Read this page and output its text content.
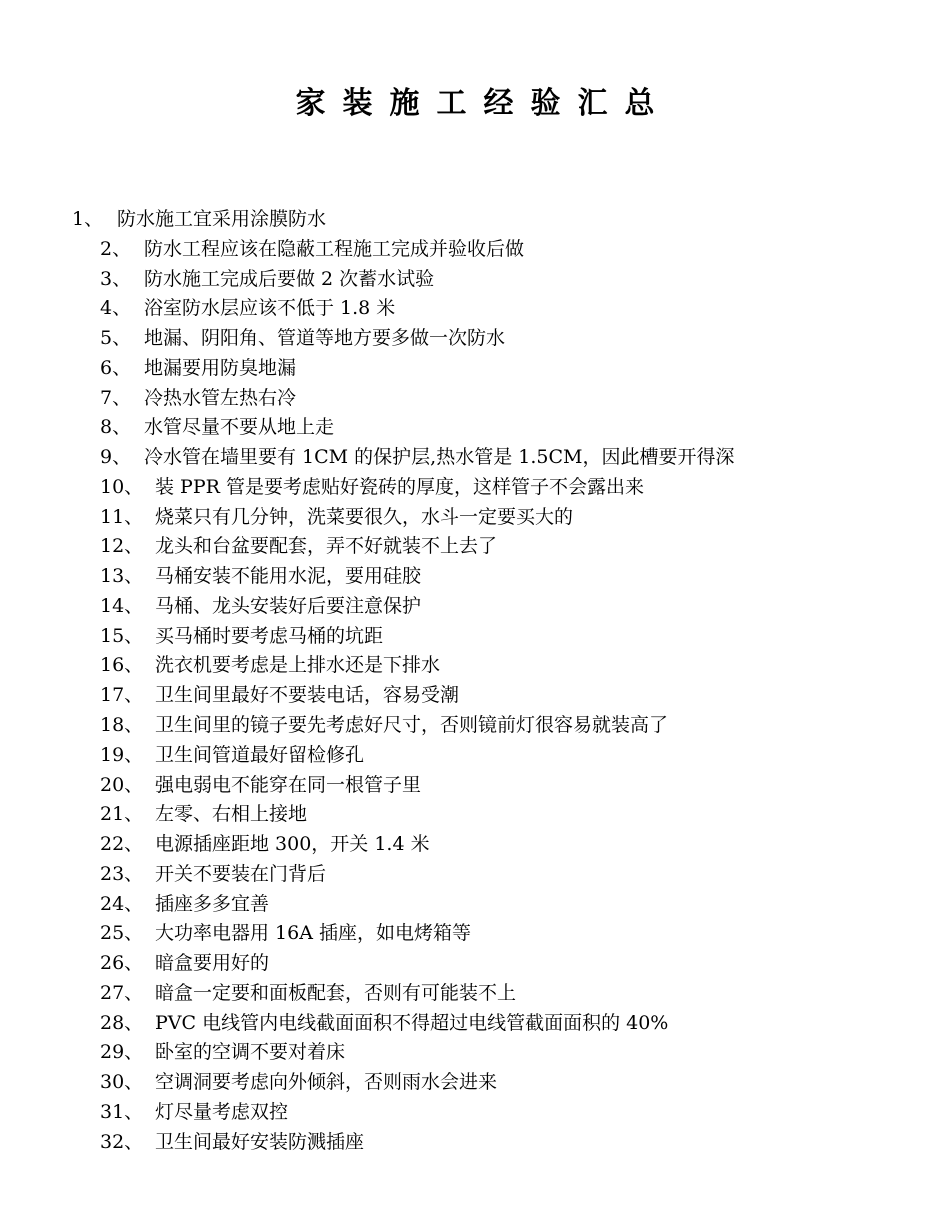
家装施工经验汇总
1、 防水施工宜采用涂膜防水
2、 防水工程应该在隐蔽工程施工完成并验收后做
3、 防水施工完成后要做 2 次蓄水试验
4、 浴室防水层应该不低于 1.8 米
5、 地漏、阴阳角、管道等地方要多做一次防水
6、 地漏要用防臭地漏
7、 冷热水管左热右冷
8、 水管尽量不要从地上走
9、 冷水管在墙里要有 1CM 的保护层,热水管是 1.5CM，因此槽要开得深
10、 装 PPR 管是要考虑贴好瓷砖的厚度，这样管子不会露出来
11、 烧菜只有几分钟，洗菜要很久，水斗一定要买大的
12、 龙头和台盆要配套，弄不好就装不上去了
13、 马桶安装不能用水泥，要用硅胶
14、 马桶、龙头安装好后要注意保护
15、 买马桶时要考虑马桶的坑距
16、 洗衣机要考虑是上排水还是下排水
17、 卫生间里最好不要装电话，容易受潮
18、 卫生间里的镜子要先考虑好尺寸，否则镜前灯很容易就装高了
19、 卫生间管道最好留检修孔
20、 强电弱电不能穿在同一根管子里
21、 左零、右相上接地
22、 电源插座距地 300，开关 1.4 米
23、 开关不要装在门背后
24、 插座多多宜善
25、 大功率电器用 16A 插座，如电烤箱等
26、 暗盒要用好的
27、 暗盒一定要和面板配套，否则有可能装不上
28、 PVC 电线管内电线截面面积不得超过电线管截面面积的 40%
29、 卧室的空调不要对着床
30、 空调洞要考虑向外倾斜，否则雨水会进来
31、 灯尽量考虑双控
32、 卫生间最好安装防溅插座
